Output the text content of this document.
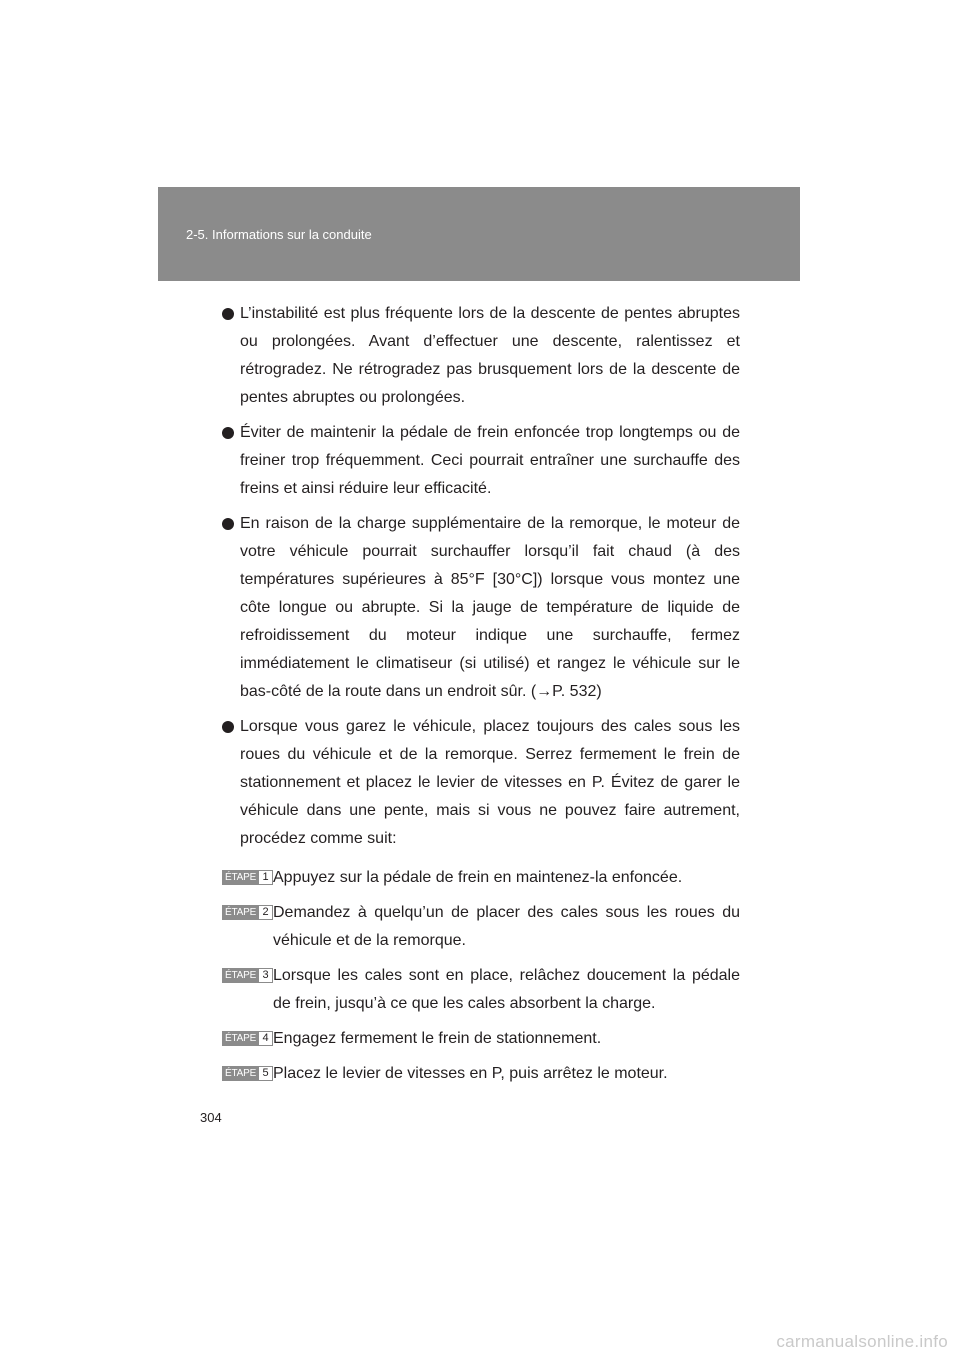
2-5. Informations sur la conduite
L’instabilité est plus fréquente lors de la descente de pentes abruptes ou prolongées. Avant d’effectuer une descente, ralentissez et rétrogradez. Ne rétrogradez pas brusquement lors de la descente de pentes abruptes ou prolongées.
Éviter de maintenir la pédale de frein enfoncée trop longtemps ou de freiner trop fréquemment. Ceci pourrait entraîner une surchauffe des freins et ainsi réduire leur efficacité.
En raison de la charge supplémentaire de la remorque, le moteur de votre véhicule pourrait surchauffer lorsqu’il fait chaud (à des températures supérieures à 85°F [30°C]) lorsque vous montez une côte longue ou abrupte. Si la jauge de température de liquide de refroidissement du moteur indique une surchauffe, fermez immédiatement le climatiseur (si utilisé) et rangez le véhicule sur le bas-côté de la route dans un endroit sûr. (→P. 532)
Lorsque vous garez le véhicule, placez toujours des cales sous les roues du véhicule et de la remorque. Serrez fermement le frein de stationnement et placez le levier de vitesses en P. Évitez de garer le véhicule dans une pente, mais si vous ne pouvez faire autrement, procédez comme suit:
ÉTAPE 1 Appuyez sur la pédale de frein en maintenez-la enfoncée.
ÉTAPE 2 Demandez à quelqu’un de placer des cales sous les roues du véhicule et de la remorque.
ÉTAPE 3 Lorsque les cales sont en place, relâchez doucement la pédale de frein, jusqu’à ce que les cales absorbent la charge.
ÉTAPE 4 Engagez fermement le frein de stationnement.
ÉTAPE 5 Placez le levier de vitesses en P, puis arrêtez le moteur.
304
carmanualsonline.info
